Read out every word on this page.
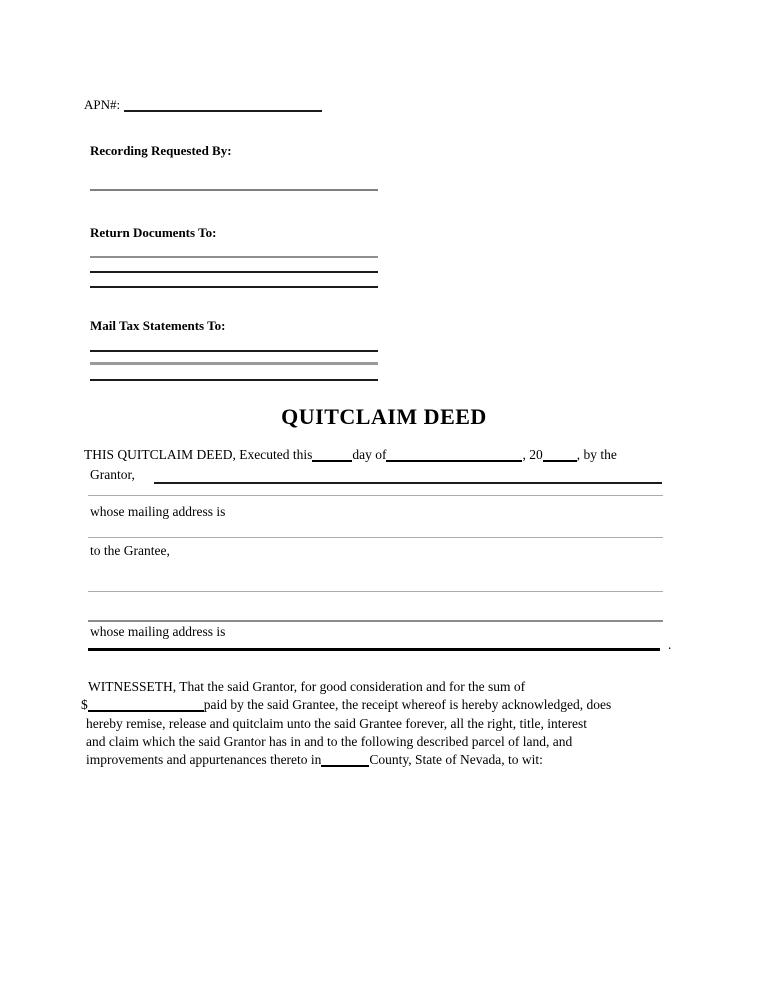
APN#:
Recording Requested By:
Return Documents To:
Mail Tax Statements To:
QUITCLAIM DEED
THIS QUITCLAIM DEED, Executed this	day of	, 20	, by the
Grantor,
whose mailing address is
to the Grantee,
whose mailing address is
.
WITNESSETH, That the said Grantor, for good consideration and for the sum of
$	paid by the said Grantee, the receipt whereof is hereby acknowledged, does
hereby remise, release and quitclaim unto the said Grantee forever, all the right, title, interest
and claim which the said Grantor has in and to the following described parcel of land, and
improvements and appurtenances thereto in	County, State of Nevada, to wit:
